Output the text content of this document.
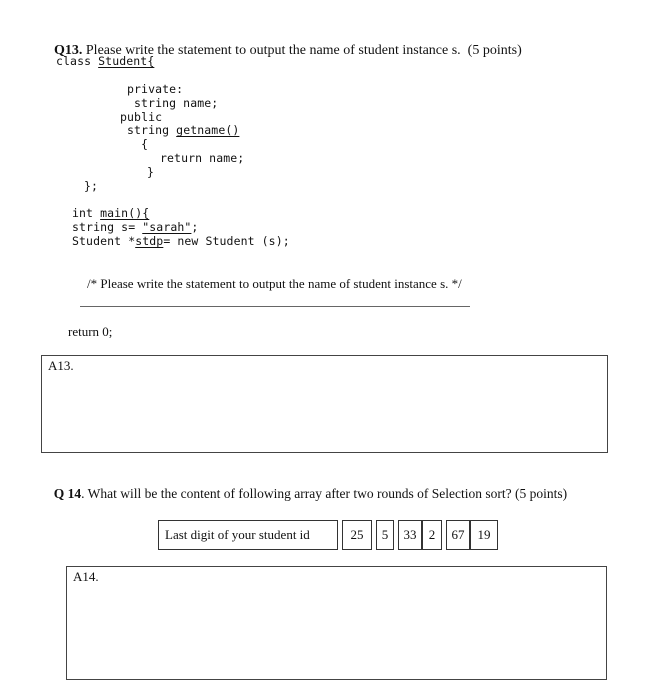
Q13. Please write the statement to output the name of student instance s.  (5 points)

class Student{
private:
string name;
public
string getname()
{
return name;
}
};
int main(){
string s= "sarah";
Student *stdp= new Student (s);
/* Please write the statement to output the name of student instance s. */
return 0;
A13.

Q 14. What will be the content of following array after two rounds of Selection sort? (5 points)

Last digit of your student id		25		5		33	2		67	19
A14.
